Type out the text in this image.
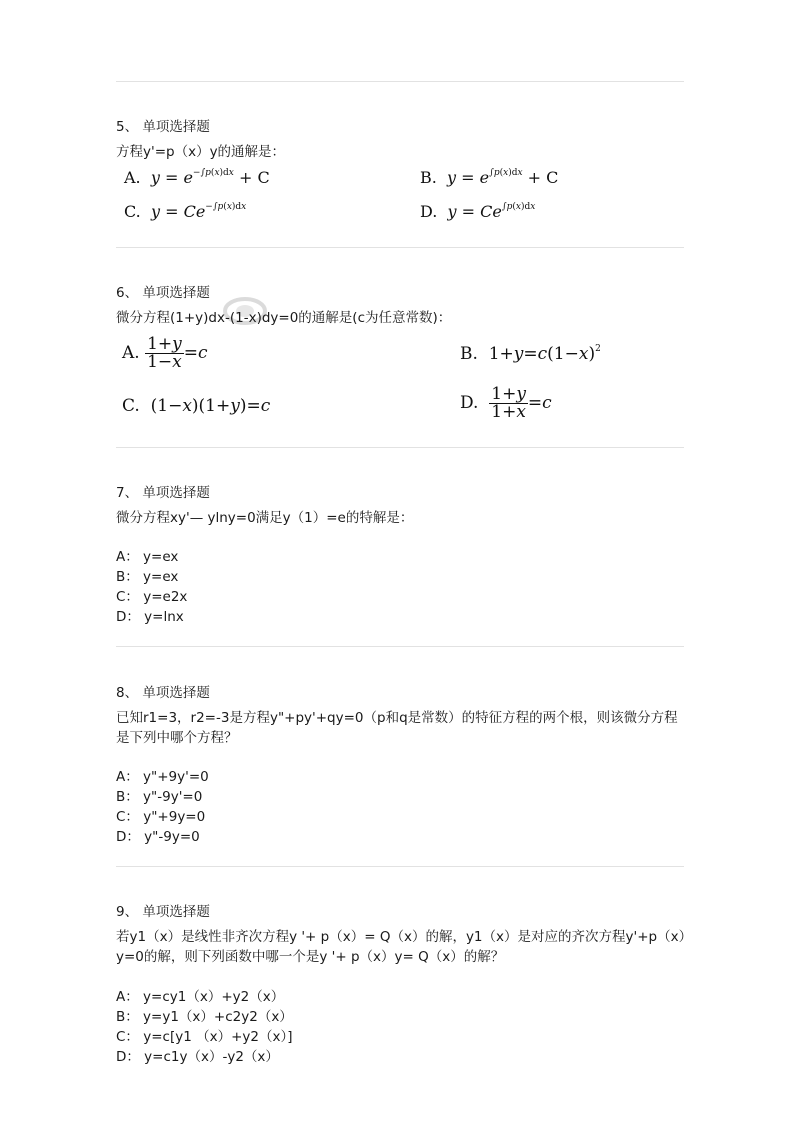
5、 单项选择题
方程y'=p（x）y的通解是：
A. $y = e^{-\int p(x)dx} + C$	B. $y = e^{\int p(x)dx} + C$
C. $y = Ce^{-\int p(x)dx}$	D. $y = Ce^{\int p(x)dx}$
6、 单项选择题
微分方程(1+y)dx-(1-x)dy=0的通解是(c为任意常数)：
A. $\frac{1+y}{1-x} =c$	B.  $1+y=c(1-x)^2$
C.  (1−x)(1+y)=c	D. $\frac{1+y}{1+x} =c$
7、 单项选择题
微分方程xy'— ylny=0满足y（1）=e的特解是：
A： y=ex
B： y=ex
C： y=e2x
D： y=lnx
8、 单项选择题
已知r1=3，r2=-3是方程y"+py'+qy=0（p和q是常数）的特征方程的两个根，则该微分方程是下列中哪个方程？
A： y"+9y'=0
B： y"-9y'=0
C： y"+9y=0
D： y"-9y=0
9、 单项选择题
若y1（x）是线性非齐次方程y '+ p（x）= Q（x）的解，y1（x）是对应的齐次方程y'+p（x）y=0的解，则下列函数中哪一个是y '+ p（x）y= Q（x）的解？
A： y=cy1（x）+y2（x）
B： y=y1（x）+c2y2（x）
C： y=c[y1 （x）+y2（x）]
D： y=c1y（x）-y2（x）
